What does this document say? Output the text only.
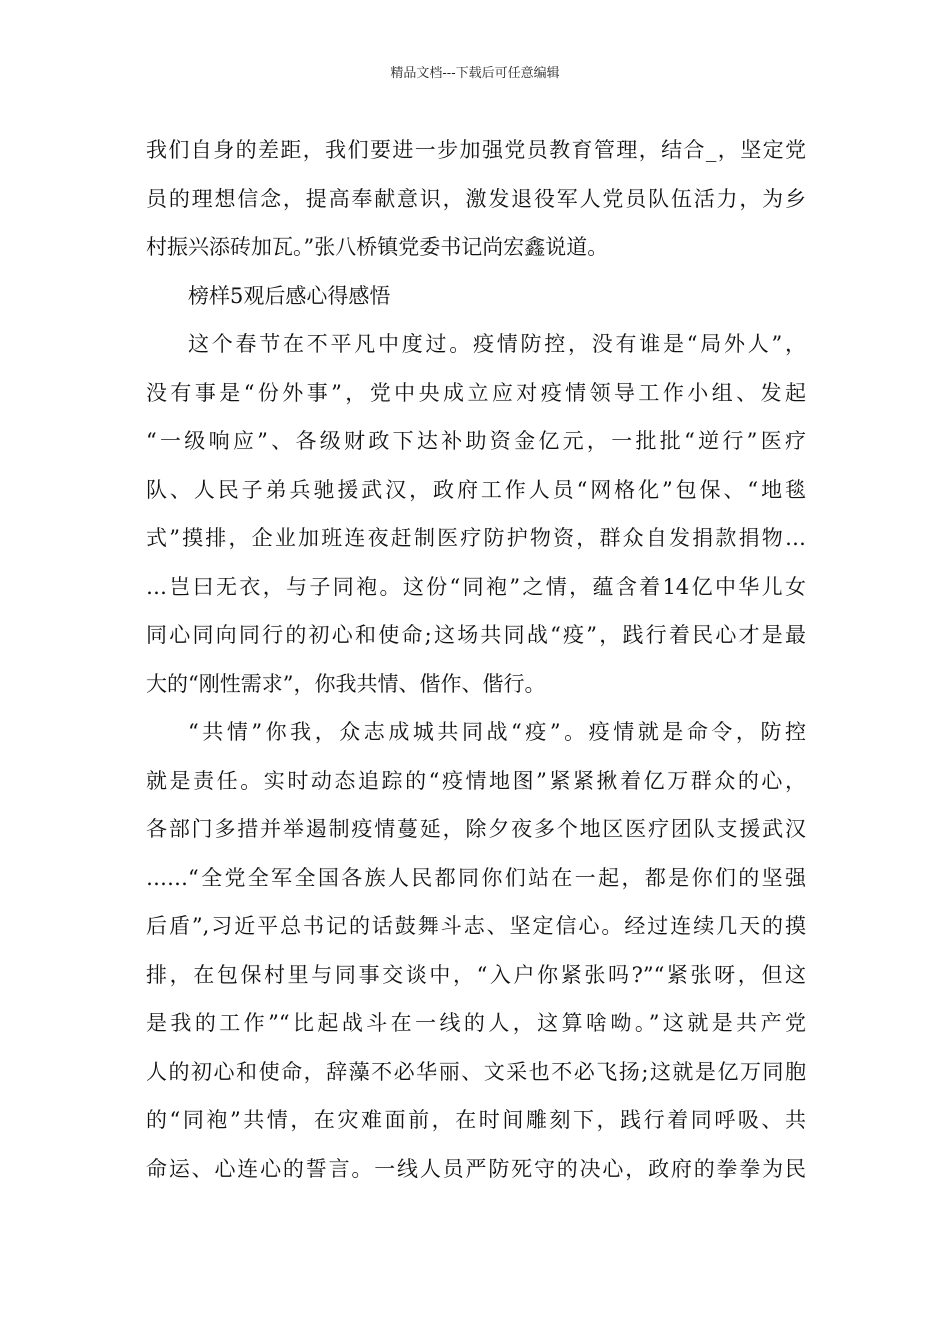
精品文档---下载后可任意编辑
我们自身的差距，我们要进一步加强党员教育管理，结合_，坚定党
员的理想信念，提高奉献意识，激发退役军人党员队伍活力，为乡
村振兴添砖加瓦。”张八桥镇党委书记尚宏鑫说道。
榜样5观后感心得感悟
这个春节在不平凡中度过。疫情防控，没有谁是“局外人”，
没有事是“份外事”，党中央成立应对疫情领导工作小组、发起
“一级响应”、各级财政下达补助资金亿元，一批批“逆行”医疗
队、人民子弟兵驰援武汉，政府工作人员“网格化”包保、“地毯
式”摸排，企业加班连夜赶制医疗防护物资，群众自发捐款捐物…
…岂曰无衣，与子同袍。这份“同袍”之情，蕴含着14亿中华儿女
同心同向同行的初心和使命;这场共同战“疫”，践行着民心才是最
大的“刚性需求”，你我共情、偕作、偕行。
“共情”你我，众志成城共同战“疫”。疫情就是命令，防控
就是责任。实时动态追踪的“疫情地图”紧紧揪着亿万群众的心，
各部门多措并举遏制疫情蔓延，除夕夜多个地区医疗团队支援武汉
……“全党全军全国各族人民都同你们站在一起，都是你们的坚强
后盾”,习近平总书记的话鼓舞斗志、坚定信心。经过连续几天的摸
排，在包保村里与同事交谈中，“入户你紧张吗?”“紧张呀，但这
是我的工作”“比起战斗在一线的人，这算啥呦。”这就是共产党
人的初心和使命，辞藻不必华丽、文采也不必飞扬;这就是亿万同胞
的“同袍”共情，在灾难面前，在时间雕刻下，践行着同呼吸、共
命运、心连心的誓言。一线人员严防死守的决心，政府的拳拳为民
